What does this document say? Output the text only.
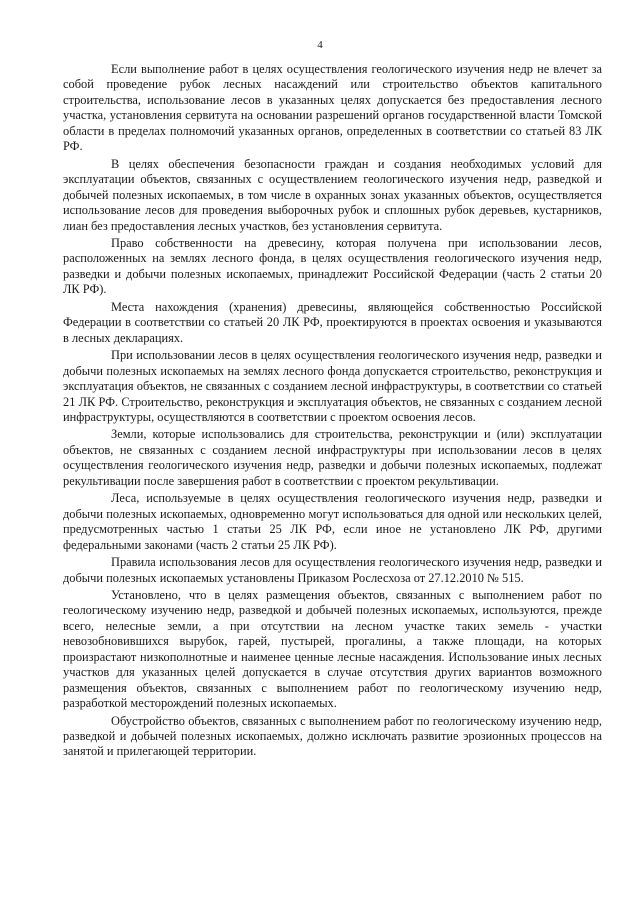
4

Если выполнение работ в целях осуществления геологического изучения недр не влечет за собой проведение рубок лесных насаждений или строительство объектов капитального строительства, использование лесов в указанных целях допускается без предоставления лесного участка, установления сервитута на основании разрешений органов государственной власти Томской области в пределах полномочий указанных органов, определенных в соответствии со статьей 83 ЛК РФ.

В целях обеспечения безопасности граждан и создания необходимых условий для эксплуатации объектов, связанных с осуществлением геологического изучения недр, разведкой и добычей полезных ископаемых, в том числе в охранных зонах указанных объектов, осуществляется использование лесов для проведения выборочных рубок и сплошных рубок деревьев, кустарников, лиан без предоставления лесных участков, без установления сервитута.

Право собственности на древесину, которая получена при использовании лесов, расположенных на землях лесного фонда, в целях осуществления геологического изучения недр, разведки и добычи полезных ископаемых, принадлежит Российской Федерации (часть 2 статьи 20 ЛК РФ).

Места нахождения (хранения) древесины, являющейся собственностью Российской Федерации в соответствии со статьей 20 ЛК РФ, проектируются в проектах освоения и указываются в лесных декларациях.

При использовании лесов в целях осуществления геологического изучения недр, разведки и добычи полезных ископаемых на землях лесного фонда допускается строительство, реконструкция и эксплуатация объектов, не связанных с созданием лесной инфраструктуры, в соответствии со статьей 21 ЛК РФ. Строительство, реконструкция и эксплуатация объектов, не связанных с созданием лесной инфраструктуры, осуществляются в соответствии с проектом освоения лесов.

Земли, которые использовались для строительства, реконструкции и (или) эксплуатации объектов, не связанных с созданием лесной инфраструктуры при использовании лесов в целях осуществления геологического изучения недр, разведки и добычи полезных ископаемых, подлежат рекультивации после завершения работ в соответствии с проектом рекультивации.

Леса, используемые в целях осуществления геологического изучения недр, разведки и добычи полезных ископаемых, одновременно могут использоваться для одной или нескольких целей, предусмотренных частью 1 статьи 25 ЛК РФ, если иное не установлено ЛК РФ, другими федеральными законами (часть 2 статьи 25 ЛК РФ).

Правила использования лесов для осуществления геологического изучения недр, разведки и добычи полезных ископаемых установлены Приказом Рослесхоза от 27.12.2010 № 515.

Установлено, что в целях размещения объектов, связанных с выполнением работ по геологическому изучению недр, разведкой и добычей полезных ископаемых, используются, прежде всего, нелесные земли, а при отсутствии на лесном участке таких земель - участки невозобновившихся вырубок, гарей, пустырей, прогалины, а также площади, на которых произрастают низкополнотные и наименее ценные лесные насаждения. Использование иных лесных участков для указанных целей допускается в случае отсутствия других вариантов возможного размещения объектов, связанных с выполнением работ по геологическому изучению недр, разработкой месторождений полезных ископаемых.

Обустройство объектов, связанных с выполнением работ по геологическому изучению недр, разведкой и добычей полезных ископаемых, должно исключать развитие эрозионных процессов на занятой и прилегающей территории.
